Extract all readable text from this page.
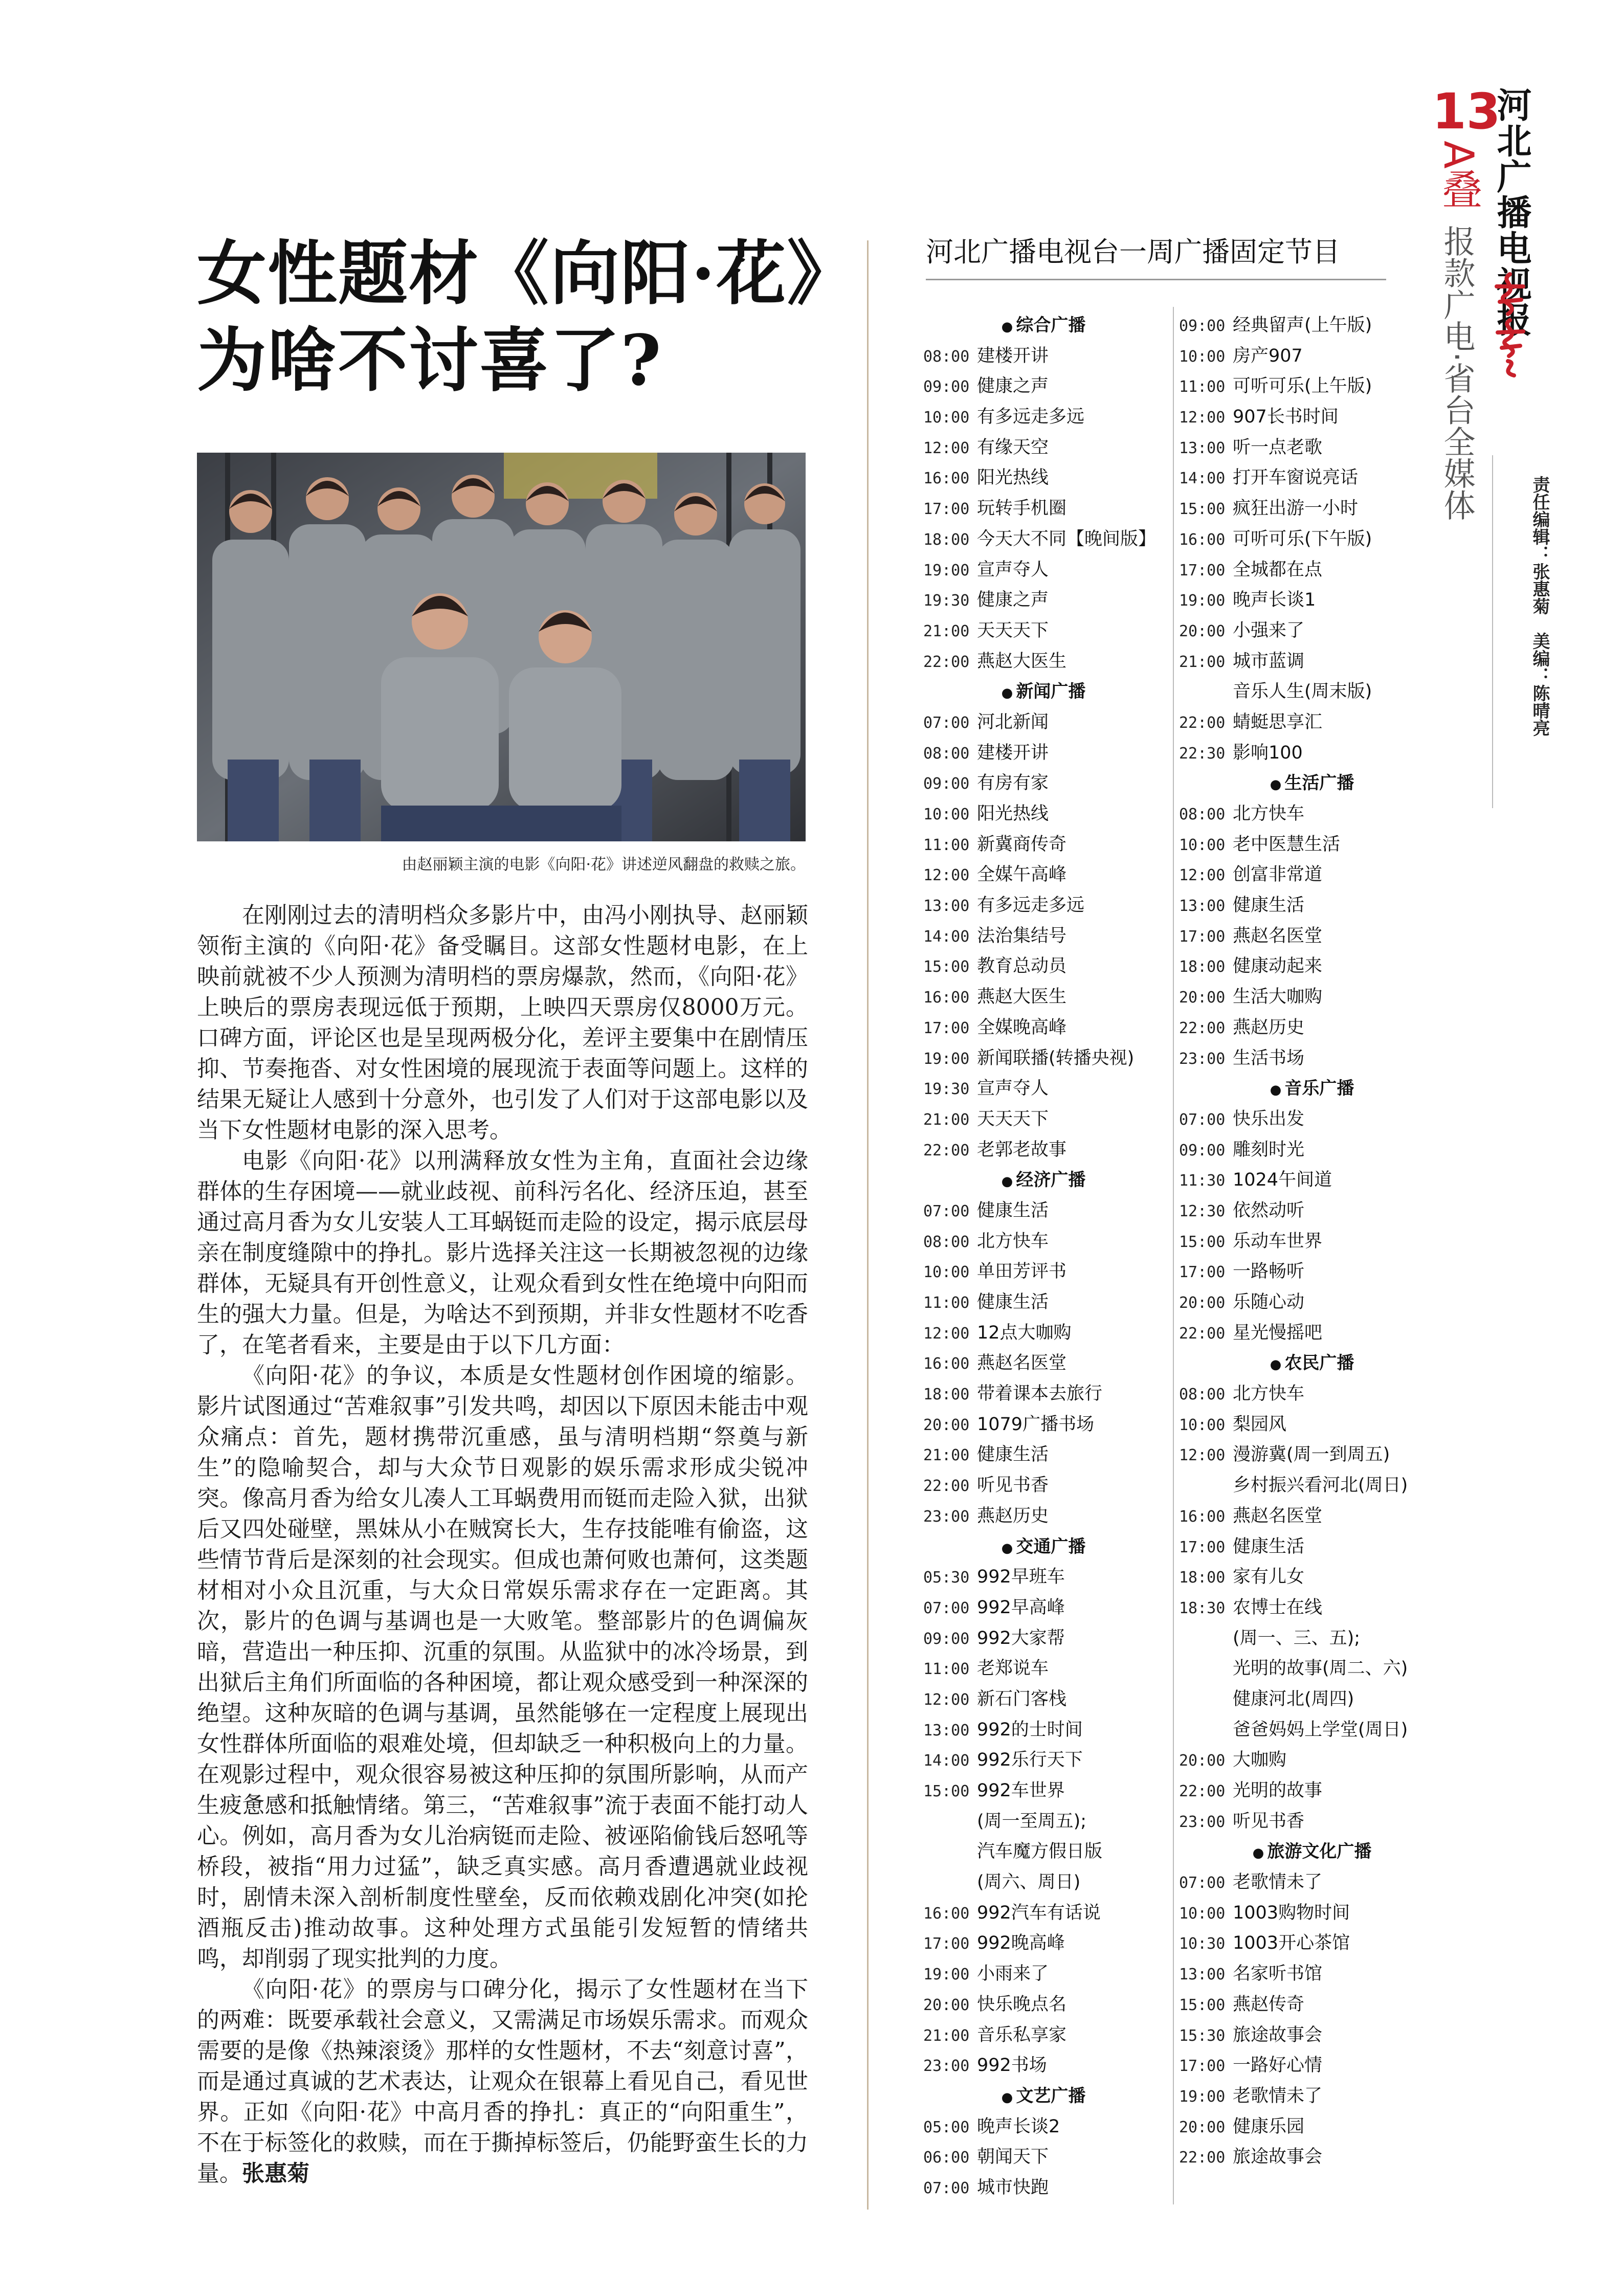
13
A叠
报款广电·省台全媒体
河北广播电视报
责任编辑：张惠菊　美编：陈晴亮
女性题材《向阳·花》
为啥不讨喜了?
由赵丽颖主演的电影《向阳·花》讲述逆风翻盘的救赎之旅。

在刚刚过去的清明档众多影片中，由冯小刚执导、赵丽颖领衔主演的《向阳·花》备受瞩目。这部女性题材电影，在上映前就被不少人预测为清明档的票房爆款，然而，《向阳·花》上映后的票房表现远低于预期，上映四天票房仅8000万元。口碑方面，评论区也是呈现两极分化，差评主要集中在剧情压抑、节奏拖沓、对女性困境的展现流于表面等问题上。这样的结果无疑让人感到十分意外，也引发了人们对于这部电影以及当下女性题材电影的深入思考。

电影《向阳·花》以刑满释放女性为主角，直面社会边缘群体的生存困境——就业歧视、前科污名化、经济压迫，甚至通过高月香为女儿安装人工耳蜗铤而走险的设定，揭示底层母亲在制度缝隙中的挣扎。影片选择关注这一长期被忽视的边缘群体，无疑具有开创性意义，让观众看到女性在绝境中向阳而生的强大力量。但是，为啥达不到预期，并非女性题材不吃香了，在笔者看来，主要是由于以下几方面：

《向阳·花》的争议，本质是女性题材创作困境的缩影。影片试图通过“苦难叙事”引发共鸣，却因以下原因未能击中观众痛点：首先，题材携带沉重感，虽与清明档期“祭奠与新生”的隐喻契合，却与大众节日观影的娱乐需求形成尖锐冲突。像高月香为给女儿凑人工耳蜗费用而铤而走险入狱，出狱后又四处碰壁，黑妹从小在贼窝长大，生存技能唯有偷盗，这些情节背后是深刻的社会现实。但成也萧何败也萧何，这类题材相对小众且沉重，与大众日常娱乐需求存在一定距离。其次，影片的色调与基调也是一大败笔。整部影片的色调偏灰暗，营造出一种压抑、沉重的氛围。从监狱中的冰冷场景，到出狱后主角们所面临的各种困境，都让观众感受到一种深深的绝望。这种灰暗的色调与基调，虽然能够在一定程度上展现出女性群体所面临的艰难处境，但却缺乏一种积极向上的力量。在观影过程中，观众很容易被这种压抑的氛围所影响，从而产生疲惫感和抵触情绪。第三，“苦难叙事”流于表面不能打动人心。例如，高月香为女儿治病铤而走险、被诬陷偷钱后怒吼等桥段，被指“用力过猛”，缺乏真实感。高月香遭遇就业歧视时，剧情未深入剖析制度性壁垒，反而依赖戏剧化冲突(如抡酒瓶反击)推动故事。这种处理方式虽能引发短暂的情绪共鸣，却削弱了现实批判的力度。

《向阳·花》的票房与口碑分化，揭示了女性题材在当下的两难：既要承载社会意义，又需满足市场娱乐需求。而观众需要的是像《热辣滚烫》那样的女性题材，不去“刻意讨喜”，而是通过真诚的艺术表达，让观众在银幕上看见自己，看见世界。正如《向阳·花》中高月香的挣扎：真正的“向阳重生”，不在于标签化的救赎，而在于撕掉标签后，仍能野蛮生长的力量。张惠菊

河北广播电视台一周广播固定节目
● 综合广播
08:00 建楼开讲
09:00 健康之声
10:00 有多远走多远
12:00 有缘天空
16:00 阳光热线
17:00 玩转手机圈
18:00 今天大不同【晚间版】
19:00 宣声夺人
19:30 健康之声
21:00 天天天下
22:00 燕赵大医生
● 新闻广播
07:00 河北新闻
08:00 建楼开讲
09:00 有房有家
10:00 阳光热线
11:00 新冀商传奇
12:00 全媒午高峰
13:00 有多远走多远
14:00 法治集结号
15:00 教育总动员
16:00 燕赵大医生
17:00 全媒晚高峰
19:00 新闻联播(转播央视)
19:30 宣声夺人
21:00 天天天下
22:00 老郭老故事
● 经济广播
07:00 健康生活
08:00 北方快车
10:00 单田芳评书
11:00 健康生活
12:00 12点大咖购
16:00 燕赵名医堂
18:00 带着课本去旅行
20:00 1079广播书场
21:00 健康生活
22:00 听见书香
23:00 燕赵历史
● 交通广播
05:30 992早班车
07:00 992早高峰
09:00 992大家帮
11:00 老郑说车
12:00 新石门客栈
13:00 992的士时间
14:00 992乐行天下
15:00 992车世界
(周一至周五);
汽车魔方假日版
(周六、周日)
16:00 992汽车有话说
17:00 992晚高峰
19:00 小雨来了
20:00 快乐晚点名
21:00 音乐私享家
23:00 992书场
● 文艺广播
05:00 晚声长谈2
06:00 朝闻天下
07:00 城市快跑
09:00 经典留声(上午版)
10:00 房产907
11:00 可听可乐(上午版)
12:00 907长书时间
13:00 听一点老歌
14:00 打开车窗说亮话
15:00 疯狂出游一小时
16:00 可听可乐(下午版)
17:00 全城都在点
19:00 晚声长谈1
20:00 小强来了
21:00 城市蓝调
音乐人生(周末版)
22:00 蜻蜓思享汇
22:30 影响100
● 生活广播
08:00 北方快车
10:00 老中医慧生活
12:00 创富非常道
13:00 健康生活
17:00 燕赵名医堂
18:00 健康动起来
20:00 生活大咖购
22:00 燕赵历史
23:00 生活书场
● 音乐广播
07:00 快乐出发
09:00 雕刻时光
11:30 1024午间道
12:30 依然动听
15:00 乐动车世界
17:00 一路畅听
20:00 乐随心动
22:00 星光慢摇吧
● 农民广播
08:00 北方快车
10:00 梨园风
12:00 漫游冀(周一到周五)
乡村振兴看河北(周日)
16:00 燕赵名医堂
17:00 健康生活
18:00 家有儿女
18:30 农博士在线
(周一、三、五);
光明的故事(周二、六)
健康河北(周四)
爸爸妈妈上学堂(周日)
20:00 大咖购
22:00 光明的故事
23:00 听见书香
● 旅游文化广播
07:00 老歌情未了
10:00 1003购物时间
10:30 1003开心茶馆
13:00 名家听书馆
15:00 燕赵传奇
15:30 旅途故事会
17:00 一路好心情
19:00 老歌情未了
20:00 健康乐园
22:00 旅途故事会
